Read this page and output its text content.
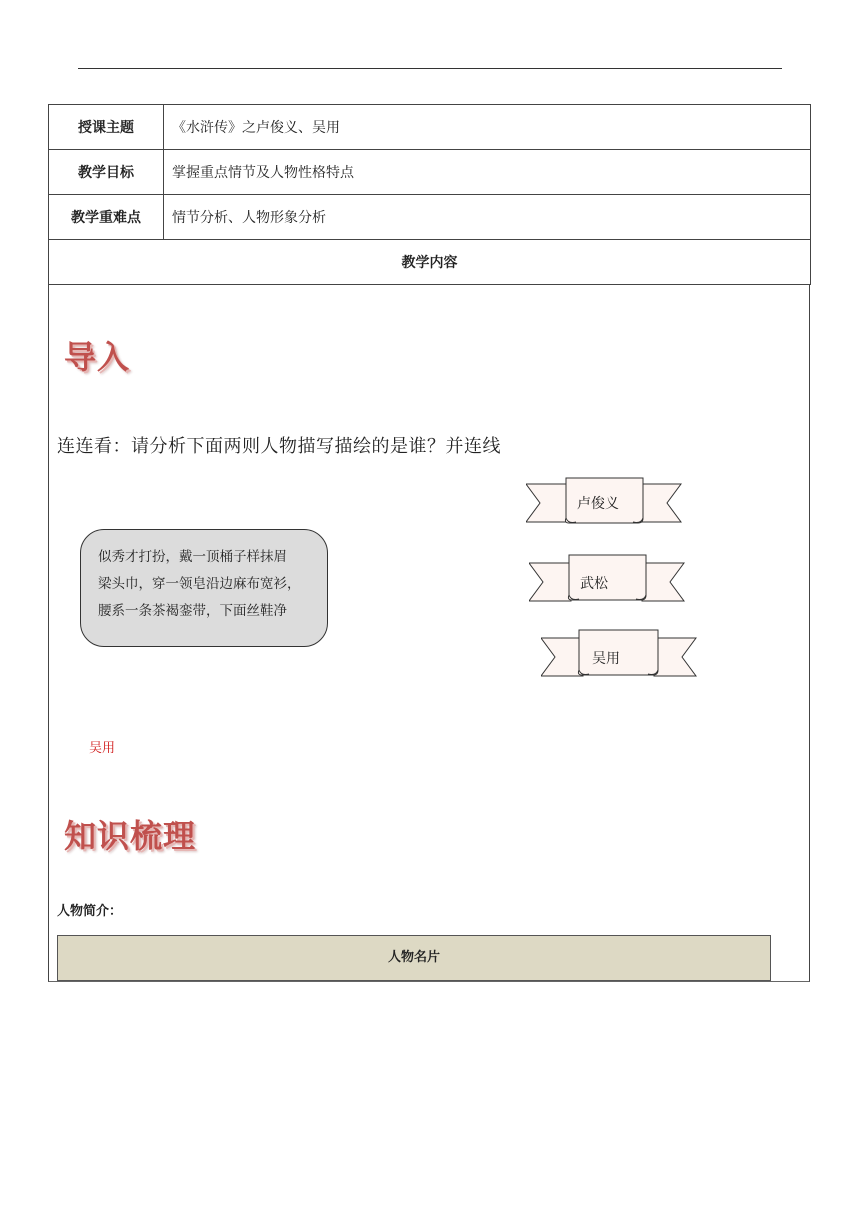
授课主题	《水浒传》之卢俊义、吴用
教学目标	掌握重点情节及人物性格特点
教学重难点	情节分析、人物形象分析
教学内容	
导入
连连看：请分析下面两则人物描写描绘的是谁？并连线
似秀才打扮，戴一顶桶子样抹眉
梁头巾，穿一领皂沿边麻布宽衫，
腰系一条茶褐銮带，下面丝鞋净
卢俊义
武松
吴用
吴用
知识梳理
人物简介：
人物名片
